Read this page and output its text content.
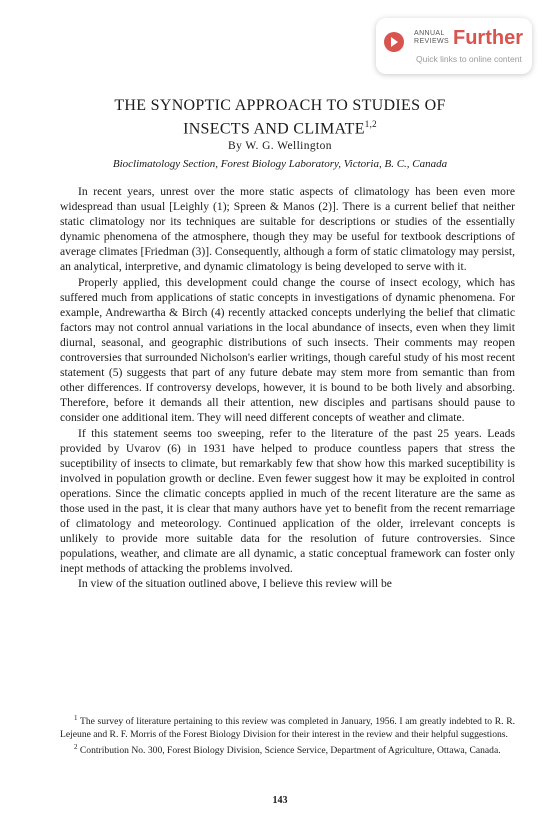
ANNUAL
REVIEWS Further
Quick links to online content
THE SYNOPTIC APPROACH TO STUDIES OF
INSECTS AND CLIMATE$^{1,2}$
By W. G. Wellington
Bioclimatology Section, Forest Biology Laboratory, Victoria, B. C., Canada

In recent years, unrest over the more static aspects of climatology has been even more widespread than usual [Leighly (1); Spreen & Manos (2)]. There is a current belief that neither static climatology nor its techniques are suitable for descriptions or studies of the essentially dynamic phenomena of the atmosphere, though they may be useful for textbook descriptions of average climates [Friedman (3)]. Consequently, although a form of static climatology may persist, an analytical, interpretive, and dynamic climatology is being developed to serve with it.

Properly applied, this development could change the course of insect ecology, which has suffered much from applications of static concepts in investigations of dynamic phenomena. For example, Andrewartha & Birch (4) recently attacked concepts underlying the belief that climatic factors may not control annual variations in the local abundance of insects, even when they limit diurnal, seasonal, and geographic distributions of such insects. Their comments may reopen controversies that surrounded Nicholson's earlier writings, though careful study of his most recent statement (5) suggests that part of any future debate may stem more from semantic than from other differences. If controversy develops, however, it is bound to be both lively and absorbing. Therefore, before it demands all their attention, new disciples and partisans should pause to consider one additional item. They will need different concepts of weather and climate.

If this statement seems too sweeping, refer to the literature of the past 25 years. Leads provided by Uvarov (6) in 1931 have helped to produce countless papers that stress the suceptibility of insects to climate, but remarkably few that show how this marked suceptibility is involved in population growth or decline. Even fewer suggest how it may be exploited in control operations. Since the climatic concepts applied in much of the recent literature are the same as those used in the past, it is clear that many authors have yet to benefit from the recent remarriage of climatology and meteorology. Continued application of the older, irrelevant concepts is unlikely to provide more suitable data for the resolution of future controversies. Since populations, weather, and climate are all dynamic, a static conceptual framework can foster only inept methods of attacking the problems involved.

In view of the situation outlined above, I believe this review will be

$^1$ The survey of literature pertaining to this review was completed in January, 1956. I am greatly indebted to R. R. Lejeune and R. F. Morris of the Forest Biology Division for their interest in the review and their helpful suggestions.

$^2$ Contribution No. 300, Forest Biology Division, Science Service, Department of Agriculture, Ottawa, Canada.

143
